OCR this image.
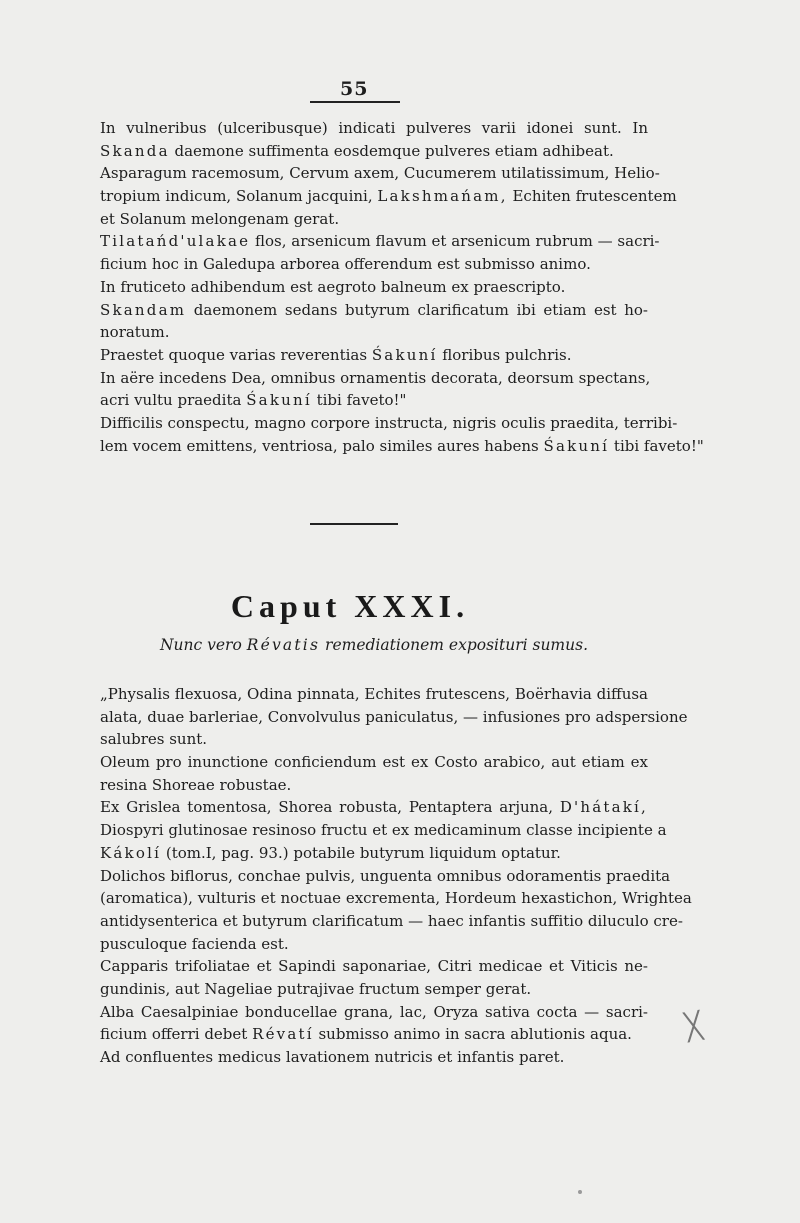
55
In vulneribus (ulceribusque) indicati pulveres varii idonei sunt. In
Skanda daemone suffimenta eosdemque pulveres etiam adhibeat.
Asparagum racemosum, Cervum axem, Cucumerem utilatissimum, Helio-
tropium indicum, Solanum jacquini, Lakshmańam, Echiten frutescentem
et Solanum melongenam gerat.
Tilatańd'ulakae flos, arsenicum flavum et arsenicum rubrum — sacri-
ficium hoc in Galedupa arborea offerendum est submisso animo.
In fruticeto adhibendum est aegroto balneum ex praescripto.
Skandam daemonem sedans butyrum clarificatum ibi etiam est ho-
noratum.
Praestet quoque varias reverentias Śakuní floribus pulchris.
In aëre incedens Dea, omnibus ornamentis decorata, deorsum spectans,
acri vultu praedita Śakuní tibi faveto!"
Difficilis conspectu, magno corpore instructa, nigris oculis praedita, terribi-
lem vocem emittens, ventriosa, palo similes aures habens Śakuní tibi faveto!"
Caput XXXI.
Nunc vero Révatis remediationem exposituri sumus.
„Physalis flexuosa, Odina pinnata, Echites frutescens, Boërhavia diffusa
alata, duae barleriae, Convolvulus paniculatus, — infusiones pro adspersione
salubres sunt.
Oleum pro inunctione conficiendum est ex Costo arabico, aut etiam ex
resina Shoreae robustae.
Ex Grislea tomentosa, Shorea robusta, Pentaptera arjuna, D'hátakí,
Diospyri glutinosae resinoso fructu et ex medicaminum classe incipiente a
Kákolí (tom.I, pag. 93.) potabile butyrum liquidum optatur.
Dolichos biflorus, conchae pulvis, unguenta omnibus odoramentis praedita
(aromatica), vulturis et noctuae excrementa, Hordeum hexastichon, Wrightea
antidysenterica et butyrum clarificatum — haec infantis suffitio diluculo cre-
pusculoque facienda est.
Capparis trifoliatae et Sapindi saponariae, Citri medicae et Viticis ne-
gundinis, aut Nageliae putrajivae fructum semper gerat.
Alba Caesalpiniae bonducellae grana, lac, Oryza sativa cocta — sacri-
ficium offerri debet Révatí submisso animo in sacra ablutionis aqua.
Ad confluentes medicus lavationem nutricis et infantis paret.
╳
